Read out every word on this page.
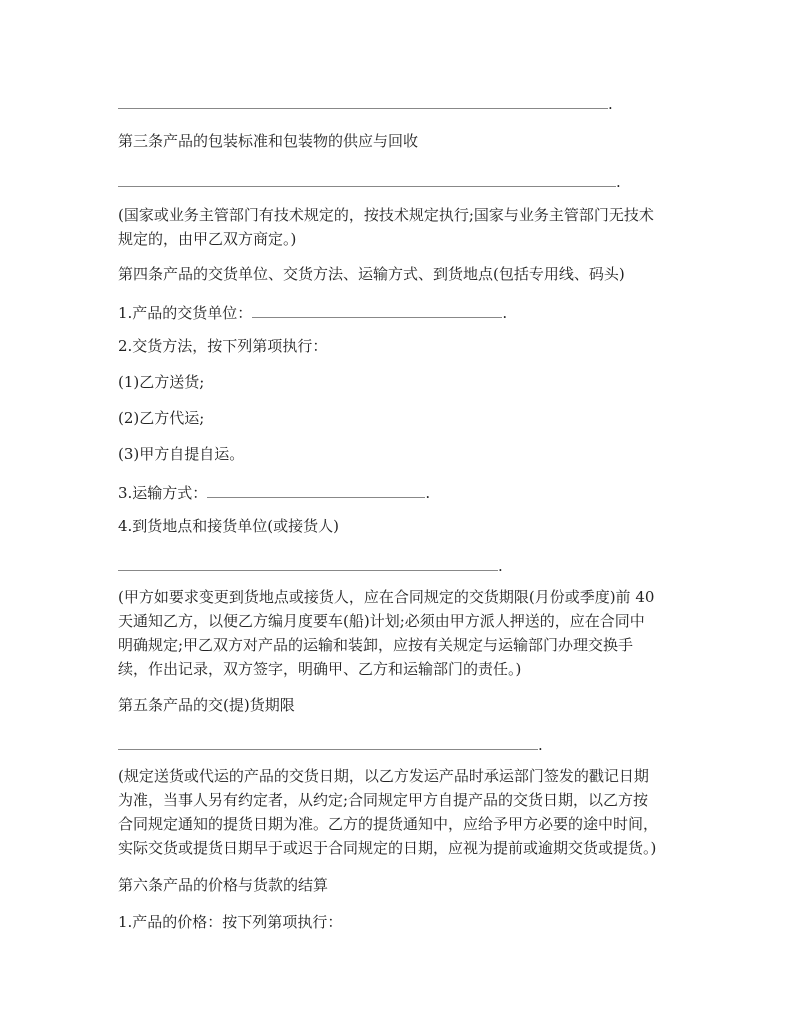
.
第三条产品的包装标准和包装物的供应与回收
.
(国家或业务主管部门有技术规定的，按技术规定执行;国家与业务主管部门无技术
规定的，由甲乙双方商定。)
第四条产品的交货单位、交货方法、运输方式、到货地点(包括专用线、码头)
1.产品的交货单位：	.
2.交货方法，按下列第项执行：
(1)乙方送货;
(2)乙方代运;
(3)甲方自提自运。
3.运输方式：	.
4.到货地点和接货单位(或接货人)
.
(甲方如要求变更到货地点或接货人，应在合同规定的交货期限(月份或季度)前 40
天通知乙方，以便乙方编月度要车(船)计划;必须由甲方派人押送的，应在合同中
明确规定;甲乙双方对产品的运输和装卸，应按有关规定与运输部门办理交换手
续，作出记录，双方签字，明确甲、乙方和运输部门的责任。)
第五条产品的交(提)货期限
.
(规定送货或代运的产品的交货日期，以乙方发运产品时承运部门签发的戳记日期
为准，当事人另有约定者，从约定;合同规定甲方自提产品的交货日期，以乙方按
合同规定通知的提货日期为准。乙方的提货通知中，应给予甲方必要的途中时间，
实际交货或提货日期早于或迟于合同规定的日期，应视为提前或逾期交货或提货。)
第六条产品的价格与货款的结算
1.产品的价格：按下列第项执行：
